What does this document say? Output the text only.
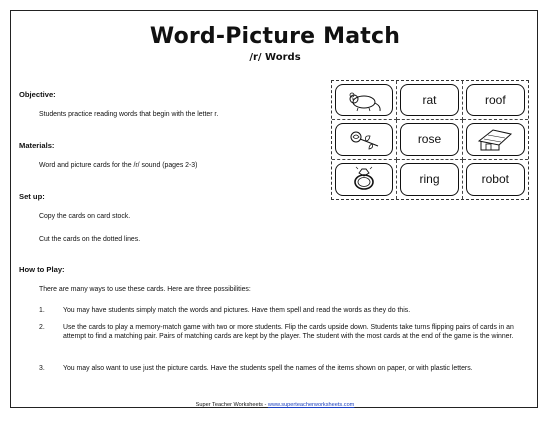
Word-Picture Match
/r/ Words
Objective:
Students practice reading words that begin with the letter r.
Materials:
Word and picture cards for the /r/ sound (pages 2-3)
Set up:
Copy the cards on card stock.
Cut the cards on the dotted lines.
How to Play:
There are many ways to use these cards. Here are three possibilities:
1.	You may have students simply match the words and pictures. Have them spell and read the words as they do this.
2.	Use the cards to play a memory-match game with two or more students. Flip the cards upside down. Students take turns flipping pairs of cards in an attempt to find a matching pair. Pairs of matching cards are kept by the player. The student with the most cards at the end of the game is the winner.
3.	You may also want to use just the picture cards. Have the students spell the names of the items shown on paper, or with plastic letters.
rat	roof
rose
ring	robot
Super Teacher Worksheets - www.superteacherworksheets.com
